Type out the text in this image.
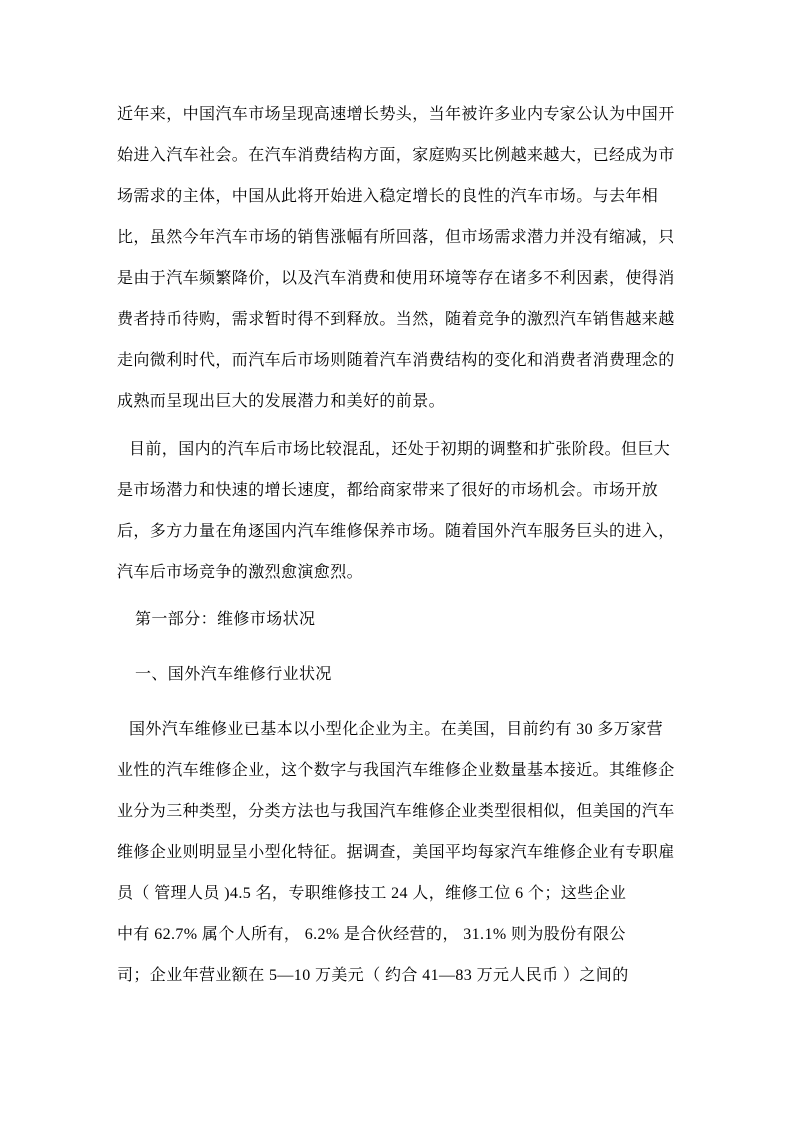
近年来，中国汽车市场呈现高速增长势头，当年被许多业内专家公认为中国开
始进入汽车社会。在汽车消费结构方面，家庭购买比例越来越大，已经成为市
场需求的主体，中国从此将开始进入稳定增长的良性的汽车市场。与去年相
比，虽然今年汽车市场的销售涨幅有所回落，但市场需求潜力并没有缩减，只
是由于汽车频繁降价，以及汽车消费和使用环境等存在诸多不利因素，使得消
费者持币待购，需求暂时得不到释放。当然，随着竞争的激烈汽车销售越来越
走向微利时代，而汽车后市场则随着汽车消费结构的变化和消费者消费理念的
成熟而呈现出巨大的发展潜力和美好的前景。
目前，国内的汽车后市场比较混乱，还处于初期的调整和扩张阶段。但巨大
是市场潜力和快速的增长速度，都给商家带来了很好的市场机会。市场开放
后，多方力量在角逐国内汽车维修保养市场。随着国外汽车服务巨头的进入，
汽车后市场竞争的激烈愈演愈烈。
第一部分：维修市场状况
一、国外汽车维修行业状况
国外汽车维修业已基本以小型化企业为主。在美国，目前约有 30 多万家营
业性的汽车维修企业，这个数字与我国汽车维修企业数量基本接近。其维修企
业分为三种类型，分类方法也与我国汽车维修企业类型很相似，但美国的汽车
维修企业则明显呈小型化特征。据调查，美国平均每家汽车维修企业有专职雇
员（ 管理人员 )4.5 名，专职维修技工 24 人，维修工位 6 个；这些企业
中有 62.7% 属个人所有， 6.2% 是合伙经营的， 31.1% 则为股份有限公
司；企业年营业额在 5—10 万美元（ 约合 41—83 万元人民币 ）之间的
